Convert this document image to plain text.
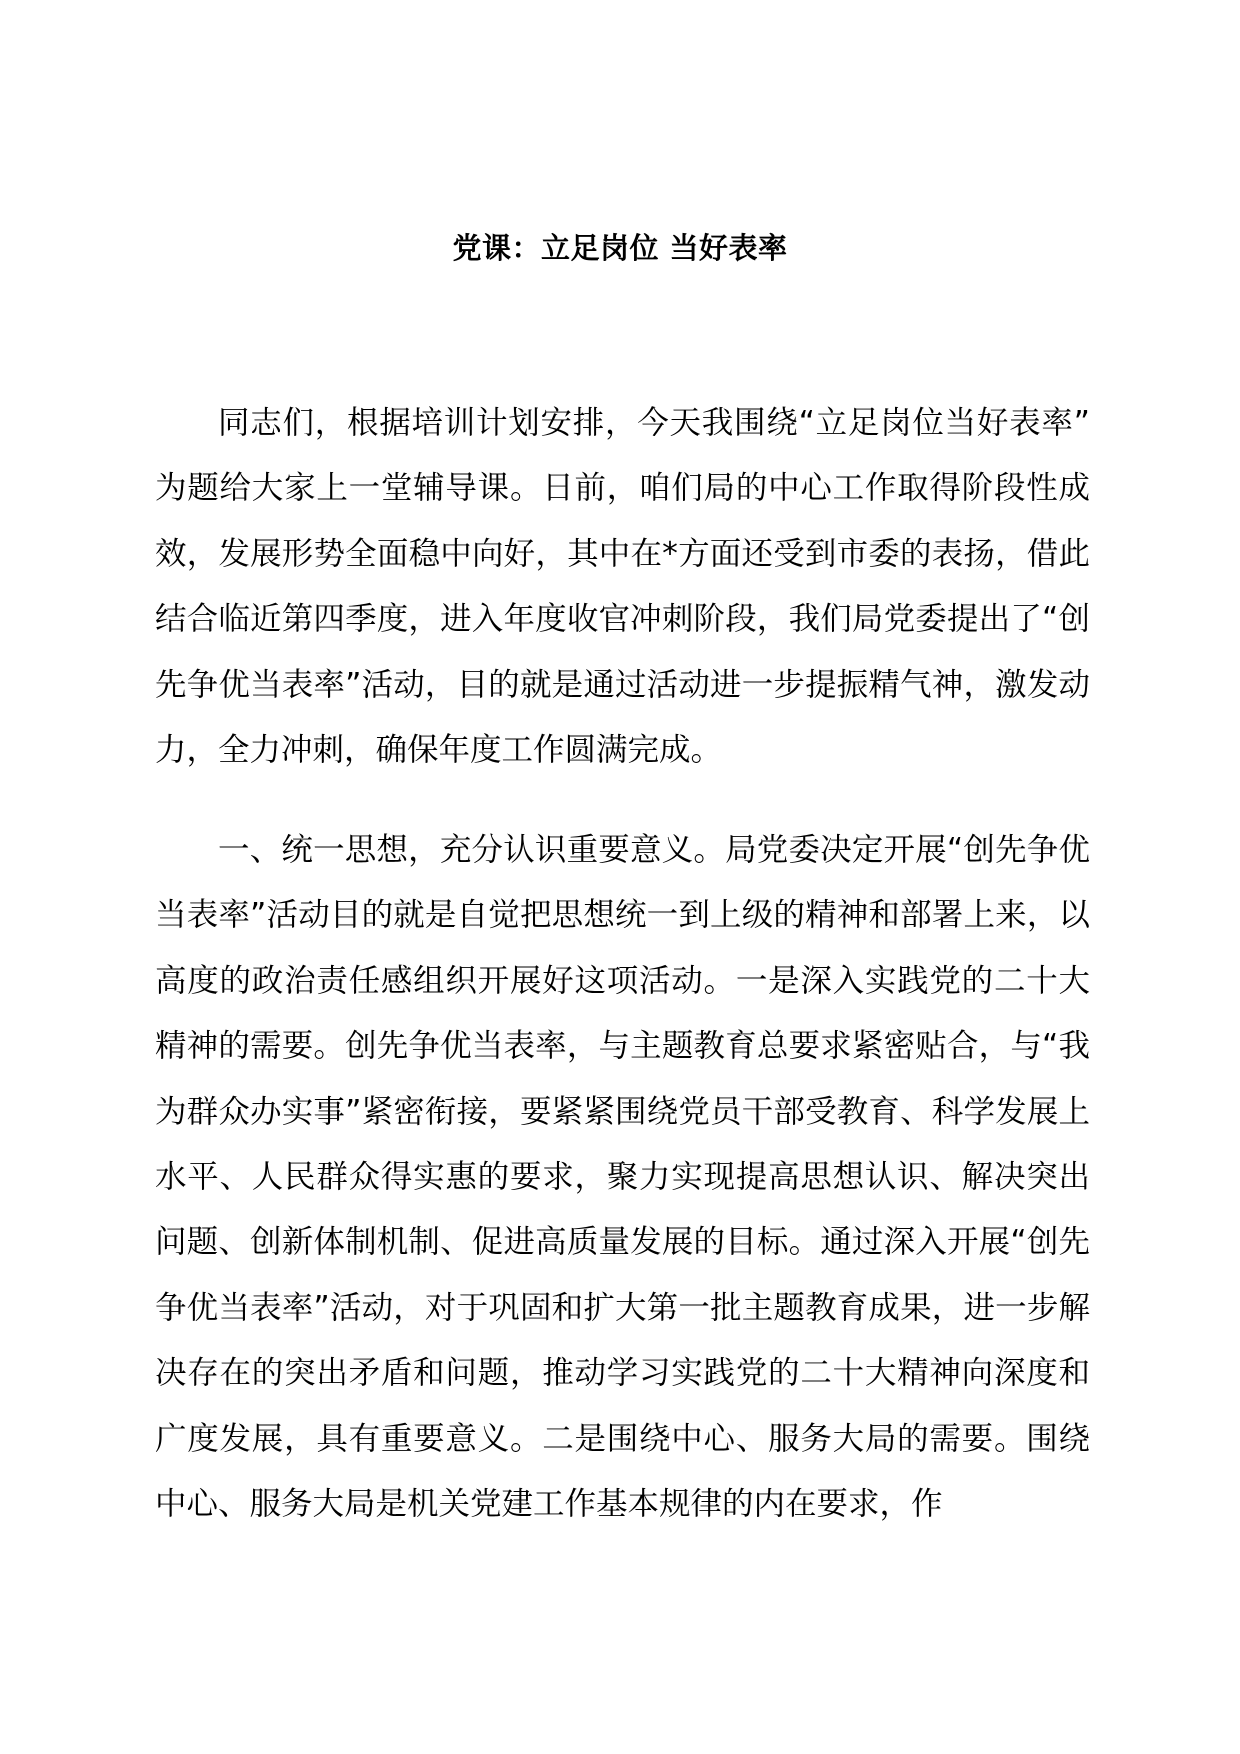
党课：立足岗位 当好表率

同志们，根据培训计划安排，今天我围绕“立足岗位当好表率”为题给大家上一堂辅导课。日前，咱们局的中心工作取得阶段性成效，发展形势全面稳中向好，其中在*方面还受到市委的表扬，借此结合临近第四季度，进入年度收官冲刺阶段，我们局党委提出了“创先争优当表率”活动，目的就是通过活动进一步提振精气神，激发动力，全力冲刺，确保年度工作圆满完成。

一、统一思想，充分认识重要意义。局党委决定开展“创先争优当表率”活动目的就是自觉把思想统一到上级的精神和部署上来，以高度的政治责任感组织开展好这项活动。一是深入实践党的二十大精神的需要。创先争优当表率，与主题教育总要求紧密贴合，与“我为群众办实事”紧密衔接，要紧紧围绕党员干部受教育、科学发展上水平、人民群众得实惠的要求，聚力实现提高思想认识、解决突出问题、创新体制机制、促进高质量发展的目标。通过深入开展“创先争优当表率”活动，对于巩固和扩大第一批主题教育成果，进一步解决存在的突出矛盾和问题，推动学习实践党的二十大精神向深度和广度发展，具有重要意义。二是围绕中心、服务大局的需要。围绕中心、服务大局是机关党建工作基本规律的内在要求，作
